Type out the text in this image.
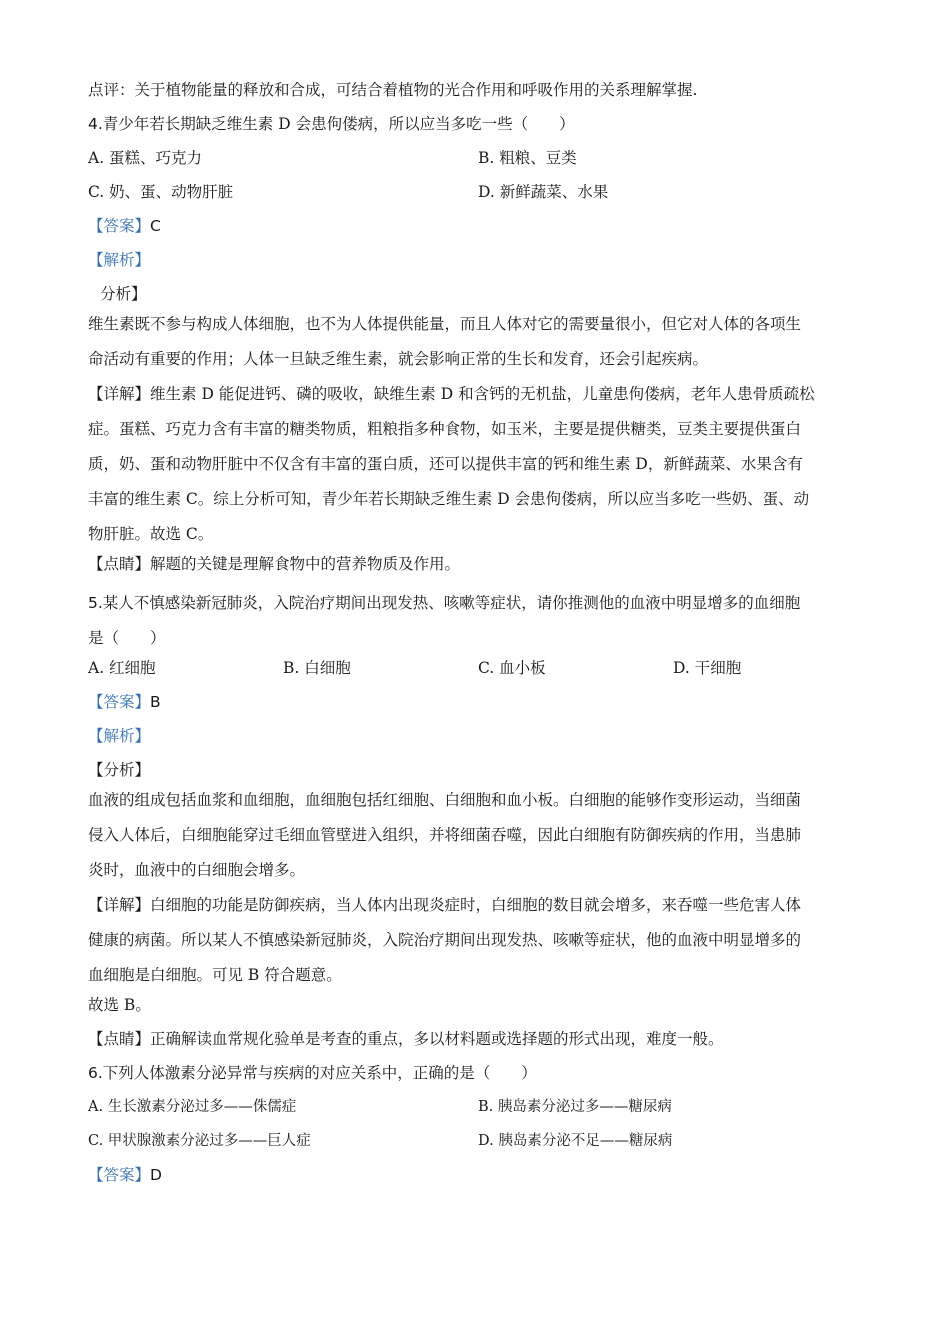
点评：关于植物能量的释放和合成，可结合着植物的光合作用和呼吸作用的关系理解掌握.

4.青少年若长期缺乏维生素 D 会患佝偻病，所以应当多吃一些（　　）

A. 蛋糕、巧克力	B. 粗粮、豆类
C. 奶、蛋、动物肝脏	D. 新鲜蔬菜、水果

【答案】C

【解析】

分析】

维生素既不参与构成人体细胞，也不为人体提供能量，而且人体对它的需要量很小，但它对人体的各项生

命活动有重要的作用；人体一旦缺乏维生素，就会影响正常的生长和发育，还会引起疾病。

【详解】维生素 D 能促进钙、磷的吸收，缺维生素 D 和含钙的无机盐，儿童患佝偻病，老年人患骨质疏松

症。蛋糕、巧克力含有丰富的糖类物质，粗粮指多种食物，如玉米，主要是提供糖类，豆类主要提供蛋白

质，奶、蛋和动物肝脏中不仅含有丰富的蛋白质，还可以提供丰富的钙和维生素 D，新鲜蔬菜、水果含有

丰富的维生素 C。综上分析可知，青少年若长期缺乏维生素 D 会患佝偻病，所以应当多吃一些奶、蛋、动

物肝脏。故选 C。

【点睛】解题的关键是理解食物中的营养物质及作用。

5.某人不慎感染新冠肺炎，入院治疗期间出现发热、咳嗽等症状，请你推测他的血液中明显增多的血细胞

是（　　）

A. 红细胞	B. 白细胞	C. 血小板	D. 干细胞

【答案】B

【解析】

【分析】

血液的组成包括血浆和血细胞，血细胞包括红细胞、白细胞和血小板。白细胞的能够作变形运动，当细菌

侵入人体后，白细胞能穿过毛细血管壁进入组织，并将细菌吞噬，因此白细胞有防御疾病的作用，当患肺

炎时，血液中的白细胞会增多。

【详解】白细胞的功能是防御疾病，当人体内出现炎症时，白细胞的数目就会增多，来吞噬一些危害人体

健康的病菌。所以某人不慎感染新冠肺炎，入院治疗期间出现发热、咳嗽等症状，他的血液中明显增多的

血细胞是白细胞。可见 B 符合题意。

故选 B。

【点睛】正确解读血常规化验单是考查的重点，多以材料题或选择题的形式出现，难度一般。

6.下列人体激素分泌异常与疾病的对应关系中，正确的是（　　）

A. 生长激素分泌过多——侏儒症	B. 胰岛素分泌过多——糖尿病
C. 甲状腺激素分泌过多——巨人症	D. 胰岛素分泌不足——糖尿病

【答案】D
